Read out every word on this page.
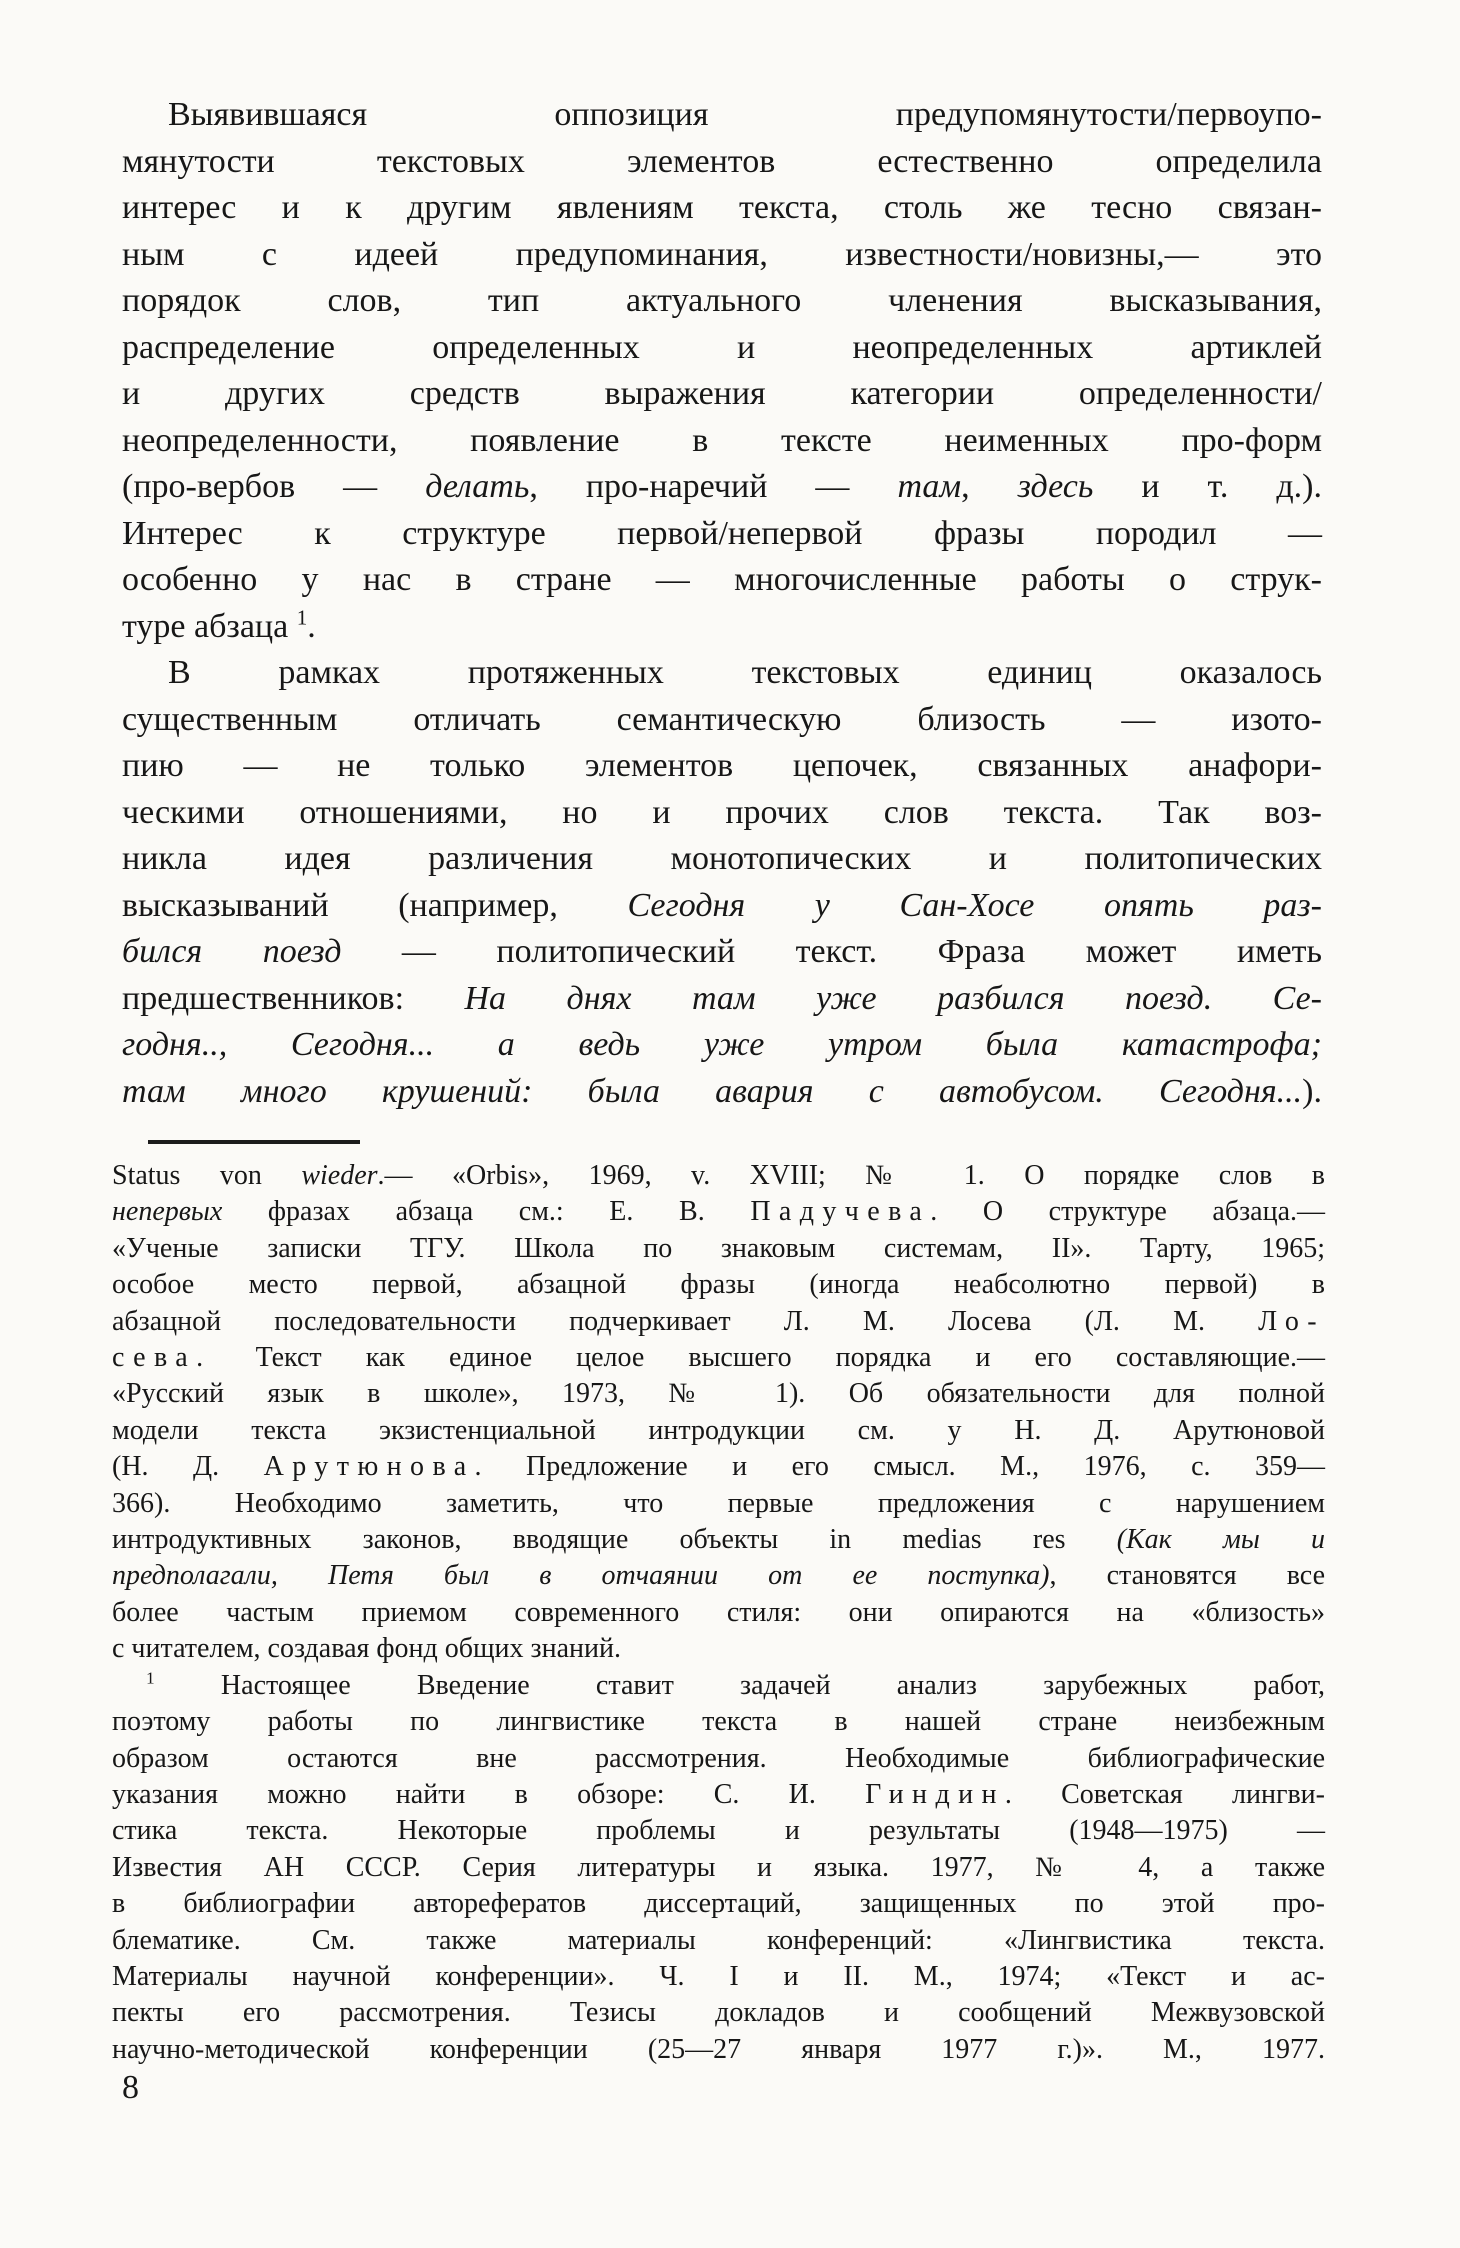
Выявившаяся оппозиция предупомянутости/первоупо-
мянутости текстовых элементов естественно определила
интерес и к другим явлениям текста, столь же тесно связан-
ным с идеей предупоминания, известности/новизны,— это
порядок слов, тип актуального членения высказывания,
распределение определенных и неопределенных артиклей
и других средств выражения категории определенности/
неопределенности, появление в тексте неименных про-форм
(про-вербов — делать, про-наречий — там, здесь и т. д.).
Интерес к структуре первой/непервой фразы породил —
особенно у нас в стране — многочисленные работы о струк-
туре абзаца $^1$.
В рамках протяженных текстовых единиц оказалось
существенным отличать семантическую близость — изото-
пию — не только элементов цепочек, связанных анафори-
ческими отношениями, но и прочих слов текста. Так воз-
никла идея различения монотопических и политопических
высказываний (например, Сегодня у Сан-Хосе опять раз-
бился поезд — политопический текст. Фраза может иметь
предшественников: На днях там уже разбился поезд. Се-
годня.., Сегодня... а ведь уже утром была катастрофа;
там много крушений: была авария с автобусом. Сегодня...).
Status von wieder.— «Orbis», 1969, v. XVIII; № 1. О порядке слов в
непервых фразах абзаца см.: Е. В. Падучева. О структуре абзаца.—
«Ученые записки ТГУ. Школа по знаковым системам, II». Тарту, 1965;
особое место первой, абзацной фразы (иногда неабсолютно первой) в
абзацной последовательности подчеркивает Л. М. Лосева (Л. М. Ло-
сева. Текст как единое целое высшего порядка и его составляющие.—
«Русский язык в школе», 1973, № 1). Об обязательности для полной
модели текста экзистенциальной интродукции см. у Н. Д. Арутюновой
(Н. Д. Арутюнова. Предложение и его смысл. М., 1976, с. 359—
366). Необходимо заметить, что первые предложения с нарушением
интродуктивных законов, вводящие объекты in medias res (Как мы и
предполагали, Петя был в отчаянии от ее поступка), становятся все
более частым приемом современного стиля: они опираются на «близость»
с читателем, создавая фонд общих знаний.
$^1$ Настоящее Введение ставит задачей анализ зарубежных работ,
поэтому работы по лингвистике текста в нашей стране неизбежным
образом остаются вне рассмотрения. Необходимые библиографические
указания можно найти в обзоре: С. И. Гиндин. Советская лингви-
стика текста. Некоторые проблемы и результаты (1948—1975) —
Известия АН СССР. Серия литературы и языка. 1977, № 4, а также
в библиографии авторефератов диссертаций, защищенных по этой про-
блематике. См. также материалы конференций: «Лингвистика текста.
Материалы научной конференции». Ч. I и II. М., 1974; «Текст и ас-
пекты его рассмотрения. Тезисы докладов и сообщений Межвузовской
научно-методической конференции (25—27 января 1977 г.)». М., 1977.
8
